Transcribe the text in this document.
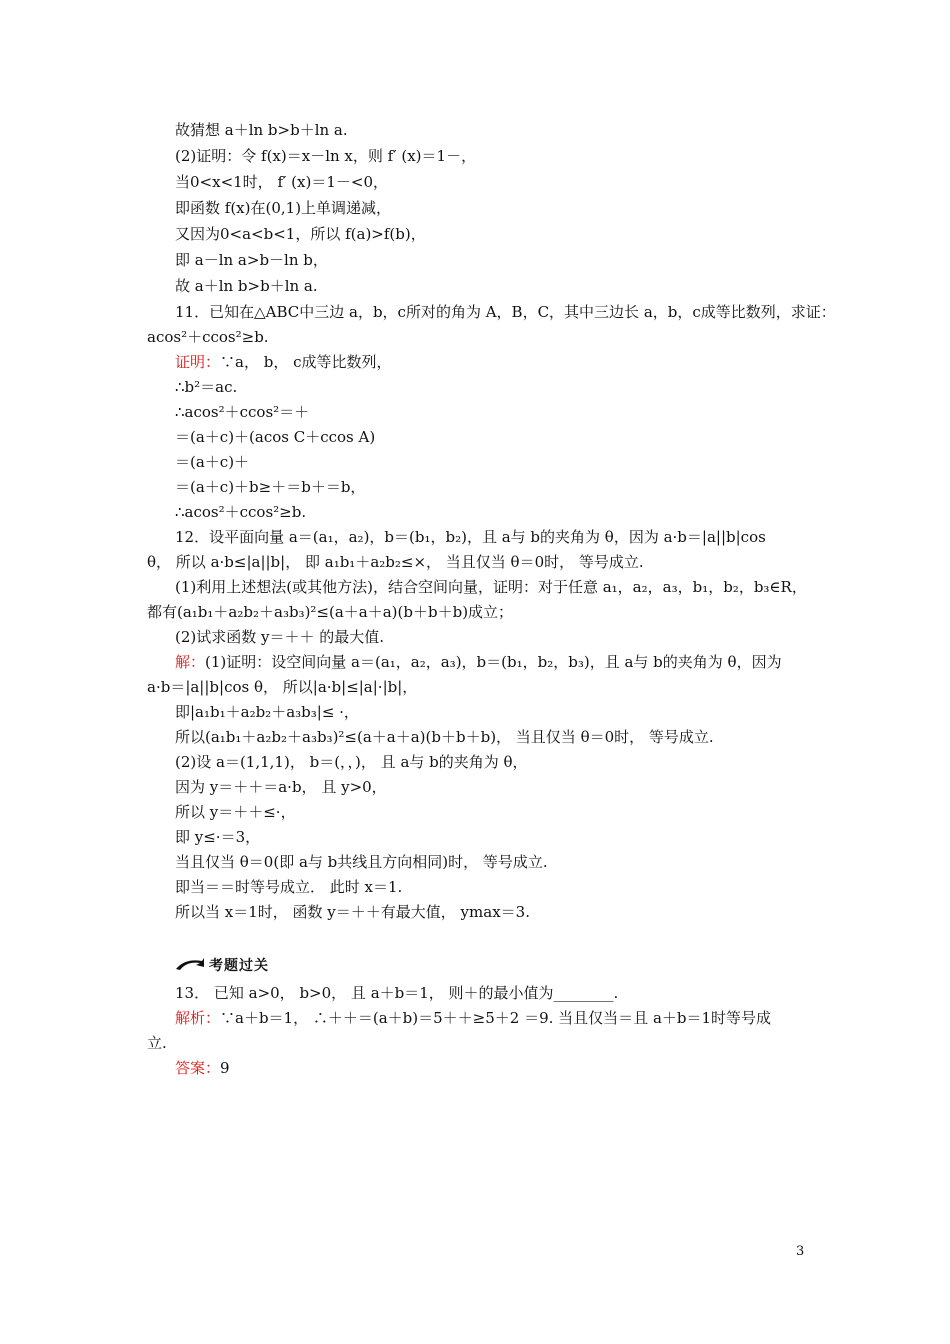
故猜想 a＋ln b>b＋ln a.
(2)证明：令 f(x)＝x－ln x，则 f′ (x)＝1－，
当0<x<1时， f′ (x)＝1－<0，
即函数 f(x)在(0,1)上单调递减，
又因为0<a<b<1，所以 f(a)>f(b)，
即 a－ln a>b－ln b，
故 a＋ln b>b＋ln a.
11．已知在△ABC中三边 a，b，c所对的角为 A，B，C，其中三边长 a，b，c成等比数列，求证：
acos²＋ccos²≥b.
证明：∵a， b， c成等比数列，
∴b²＝ac.
∴acos²＋ccos²＝＋
＝(a＋c)＋(acos C＋ccos A)
＝(a＋c)＋
＝(a＋c)＋b≥＋＝b＋＝b，
∴acos²＋ccos²≥b.
12．设平面向量 a＝(a₁，a₂)，b＝(b₁，b₂)，且 a与 b的夹角为 θ，因为 a·b＝|a||b|cos
θ， 所以 a·b≤|a||b|， 即 a₁b₁＋a₂b₂≤×， 当且仅当 θ＝0时， 等号成立.
(1)利用上述想法(或其他方法)，结合空间向量，证明：对于任意 a₁，a₂，a₃，b₁，b₂，b₃∈R，
都有(a₁b₁＋a₂b₂＋a₃b₃)²≤(a＋a＋a)(b＋b＋b)成立；
(2)试求函数 y＝＋＋ 的最大值.
解：(1)证明：设空间向量 a＝(a₁，a₂，a₃)，b＝(b₁，b₂，b₃)，且 a与 b的夹角为 θ，因为
a·b＝|a||b|cos θ， 所以|a·b|≤|a|·|b|，
即|a₁b₁＋a₂b₂＋a₃b₃|≤ ·，
所以(a₁b₁＋a₂b₂＋a₃b₃)²≤(a＋a＋a)(b＋b＋b)， 当且仅当 θ＝0时， 等号成立.
(2)设 a＝(1,1,1)， b＝(，，)， 且 a与 b的夹角为 θ，
因为 y＝＋＋＝a·b， 且 y>0，
所以 y＝＋＋≤·，
即 y≤·＝3，
当且仅当 θ＝0(即 a与 b共线且方向相同)时， 等号成立.
即当＝＝时等号成立． 此时 x＝1.
所以当 x＝1时， 函数 y＝＋＋有最大值， ymax＝3.
考题过关
13． 已知 a>0， b>0， 且 a＋b＝1， 则＋的最小值为________.
解析：∵a＋b＝1， ∴＋＋＝(a＋b)＝5＋＋≥5＋2 ＝9. 当且仅当＝且 a＋b＝1时等号成
立.
答案：9
3
